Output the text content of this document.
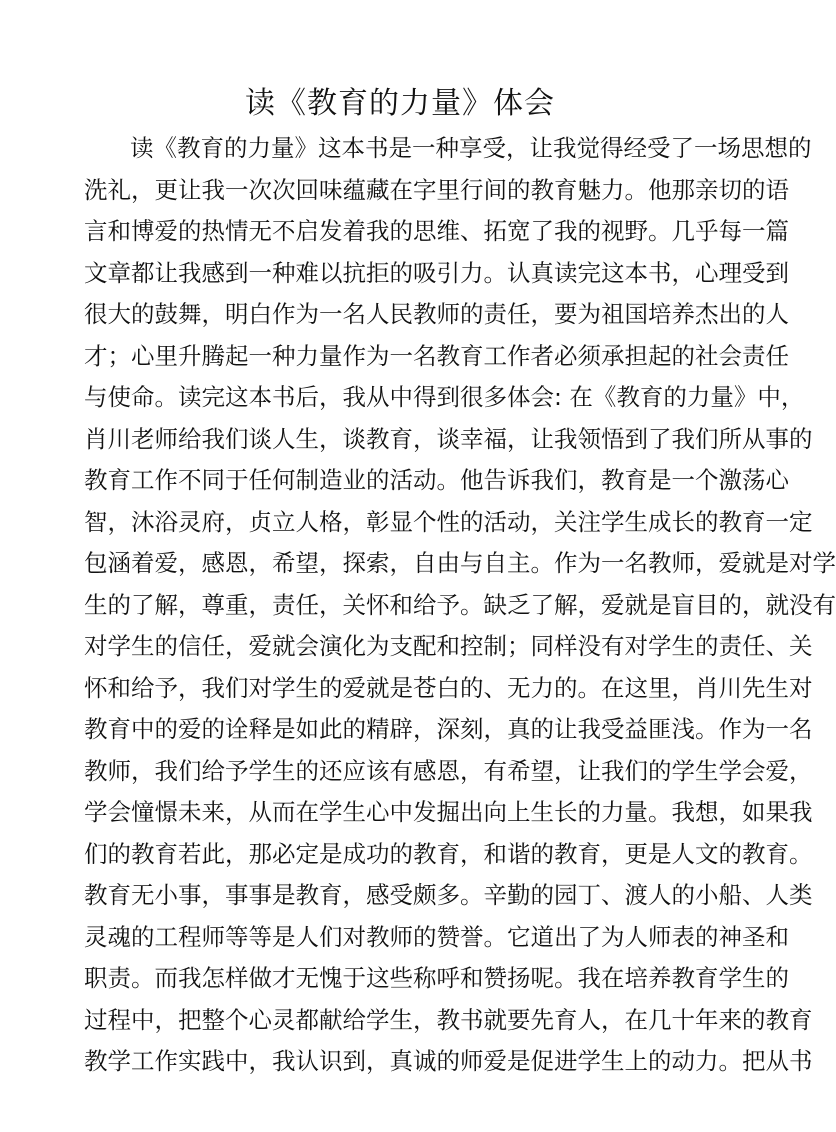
读《教育的力量》体会
读《教育的力量》这本书是一种享受，让我觉得经受了一场思想的
洗礼，更让我一次次回味蕴藏在字里行间的教育魅力。他那亲切的语
言和博爱的热情无不启发着我的思维、拓宽了我的视野。几乎每一篇
文章都让我感到一种难以抗拒的吸引力。认真读完这本书，心理受到
很大的鼓舞，明白作为一名人民教师的责任，要为祖国培养杰出的人
才；心里升腾起一种力量作为一名教育工作者必须承担起的社会责任
与使命。读完这本书后，我从中得到很多体会: 在《教育的力量》中，
肖川老师给我们谈人生，谈教育，谈幸福，让我领悟到了我们所从事的
教育工作不同于任何制造业的活动。他告诉我们，教育是一个激荡心
智，沐浴灵府，贞立人格，彰显个性的活动，关注学生成长的教育一定
包涵着爱，感恩，希望，探索，自由与自主。作为一名教师，爱就是对学
生的了解，尊重，责任，关怀和给予。缺乏了解，爱就是盲目的，就没有
对学生的信任，爱就会演化为支配和控制；同样没有对学生的责任、关
怀和给予，我们对学生的爱就是苍白的、无力的。在这里，肖川先生对
教育中的爱的诠释是如此的精辟，深刻，真的让我受益匪浅。作为一名
教师，我们给予学生的还应该有感恩，有希望，让我们的学生学会爱，
学会憧憬未来，从而在学生心中发掘出向上生长的力量。我想，如果我
们的教育若此，那必定是成功的教育，和谐的教育，更是人文的教育。
教育无小事，事事是教育，感受颇多。辛勤的园丁、渡人的小船、人类
灵魂的工程师等等是人们对教师的赞誉。它道出了为人师表的神圣和
职责。而我怎样做才无愧于这些称呼和赞扬呢。我在培养教育学生的
过程中，把整个心灵都献给学生，教书就要先育人，在几十年来的教育
教学工作实践中，我认识到，真诚的师爱是促进学生上的动力。把从书
